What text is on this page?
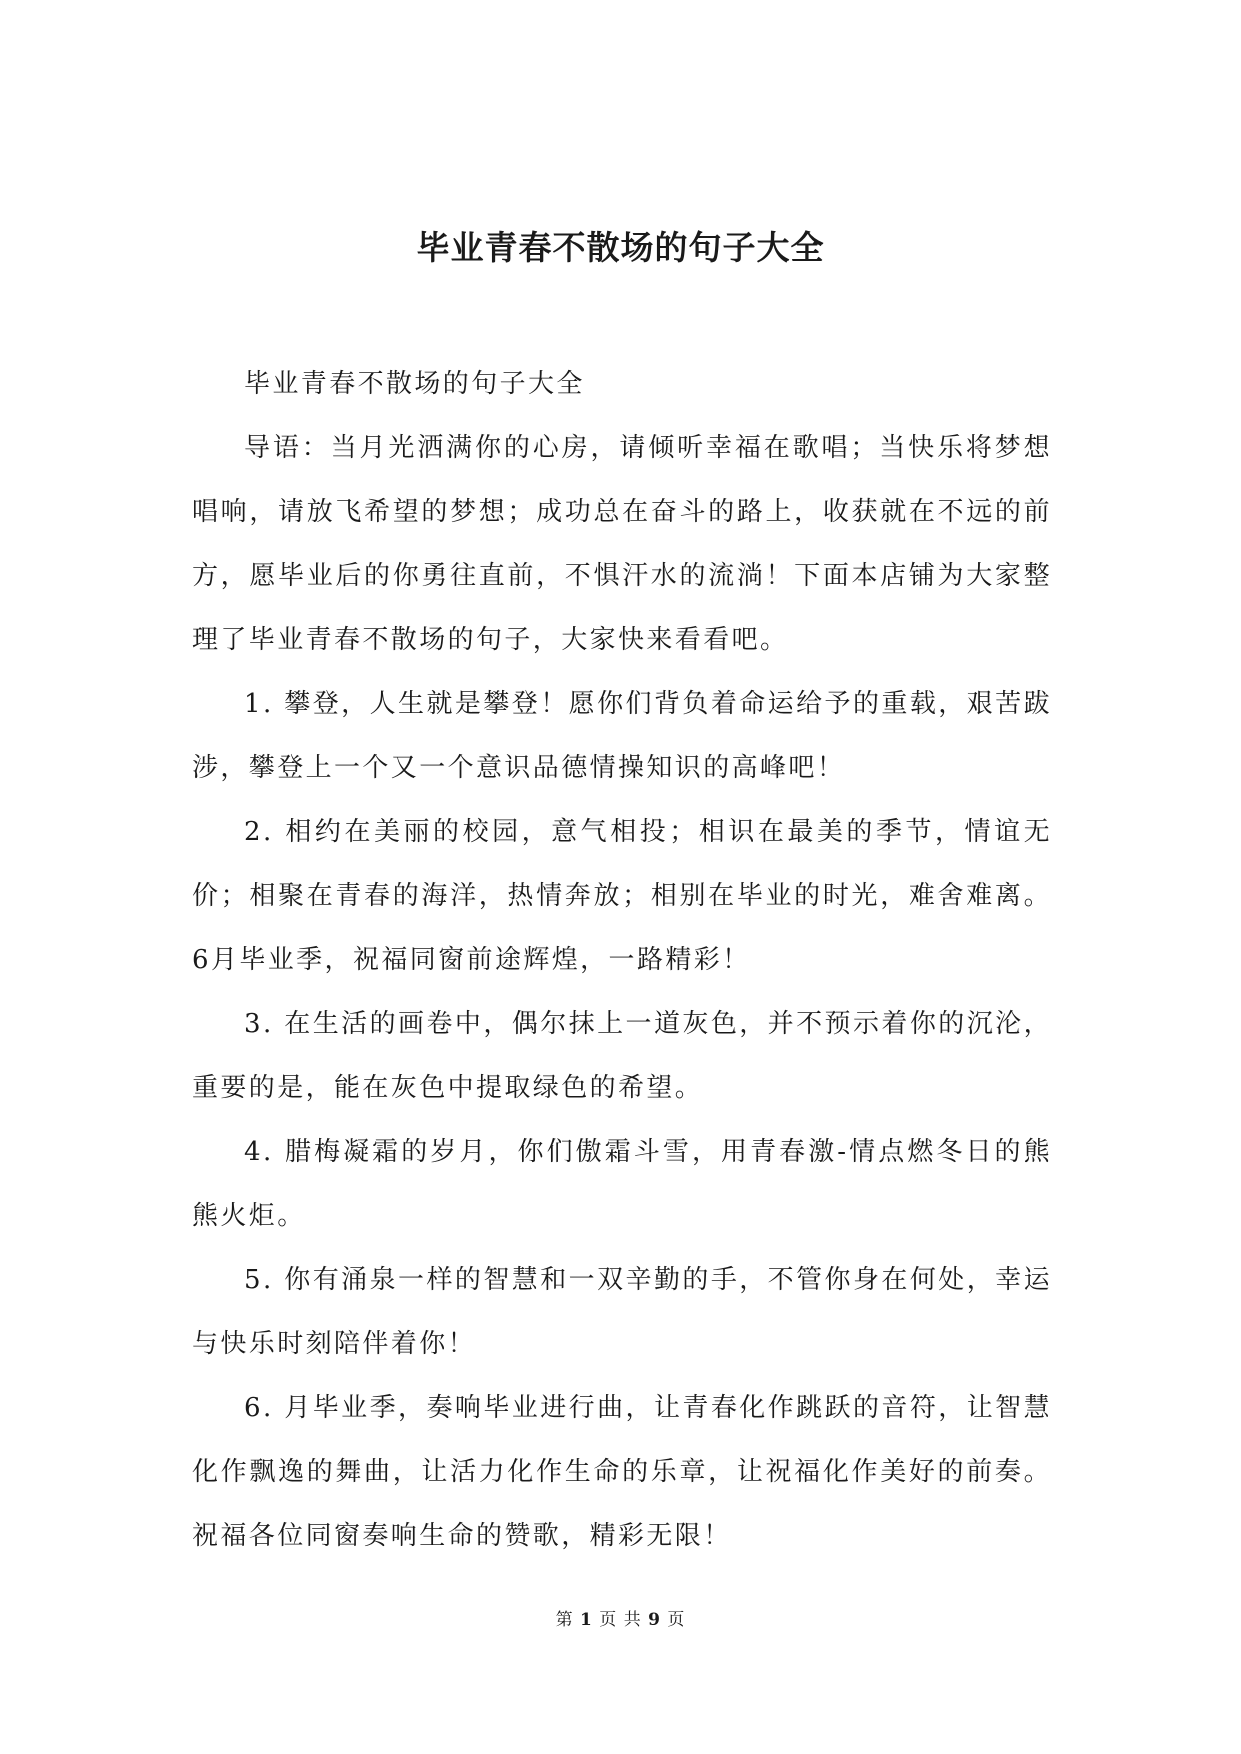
毕业青春不散场的句子大全

毕业青春不散场的句子大全

导语：当月光洒满你的心房，请倾听幸福在歌唱；当快乐将梦想唱响，请放飞希望的梦想；成功总在奋斗的路上，收获就在不远的前方，愿毕业后的你勇往直前，不惧汗水的流淌！下面本店铺为大家整理了毕业青春不散场的句子，大家快来看看吧。

1. 攀登，人生就是攀登！愿你们背负着命运给予的重载，艰苦跋涉，攀登上一个又一个意识品德情操知识的高峰吧！

2. 相约在美丽的校园，意气相投；相识在最美的季节，情谊无价；相聚在青春的海洋，热情奔放；相别在毕业的时光，难舍难离。6月毕业季，祝福同窗前途辉煌，一路精彩！

3. 在生活的画卷中，偶尔抹上一道灰色，并不预示着你的沉沦，重要的是，能在灰色中提取绿色的希望。

4. 腊梅凝霜的岁月，你们傲霜斗雪，用青春激-情点燃冬日的熊熊火炬。

5. 你有涌泉一样的智慧和一双辛勤的手，不管你身在何处，幸运与快乐时刻陪伴着你！

6. 月毕业季，奏响毕业进行曲，让青春化作跳跃的音符，让智慧化作飘逸的舞曲，让活力化作生命的乐章，让祝福化作美好的前奏。祝福各位同窗奏响生命的赞歌，精彩无限！

第 1 页 共 9 页
